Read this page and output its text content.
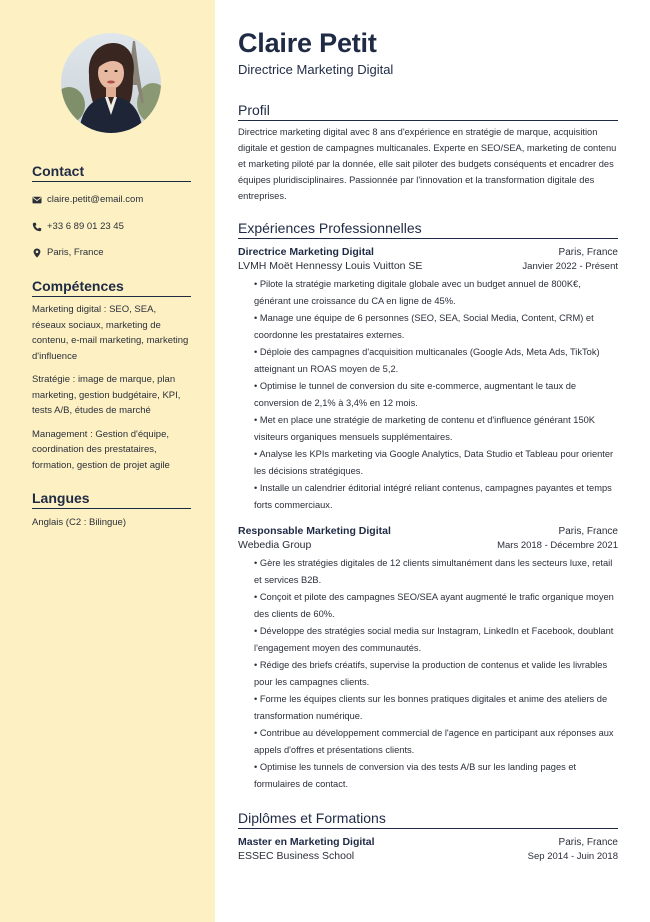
Contact
claire.petit@email.com
+33 6 89 01 23 45
Paris, France
Compétences
Marketing digital : SEO, SEA, réseaux sociaux, marketing de contenu, e-mail marketing, marketing d'influence
Stratégie : image de marque, plan marketing, gestion budgétaire, KPI, tests A/B, études de marché
Management : Gestion d'équipe, coordination des prestataires, formation, gestion de projet agile
Langues
Anglais (C2 : Bilingue)
Claire Petit
Directrice Marketing Digital
Profil
Directrice marketing digital avec 8 ans d'expérience en stratégie de marque, acquisition digitale et gestion de campagnes multicanales. Experte en SEO/SEA, marketing de contenu et marketing piloté par la donnée, elle sait piloter des budgets conséquents et encadrer des équipes pluridisciplinaires. Passionnée par l'innovation et la transformation digitale des entreprises.
Expériences Professionnelles
Directrice Marketing Digital	Paris, France
LVMH Moët Hennessy Louis Vuitton SE	Janvier 2022 - Présent
• Pilote la stratégie marketing digitale globale avec un budget annuel de 800K€, générant une croissance du CA en ligne de 45%.
• Manage une équipe de 6 personnes (SEO, SEA, Social Media, Content, CRM) et coordonne les prestataires externes.
• Déploie des campagnes d'acquisition multicanales (Google Ads, Meta Ads, TikTok) atteignant un ROAS moyen de 5,2.
• Optimise le tunnel de conversion du site e-commerce, augmentant le taux de conversion de 2,1% à 3,4% en 12 mois.
• Met en place une stratégie de marketing de contenu et d'influence générant 150K visiteurs organiques mensuels supplémentaires.
• Analyse les KPIs marketing via Google Analytics, Data Studio et Tableau pour orienter les décisions stratégiques.
• Installe un calendrier éditorial intégré reliant contenus, campagnes payantes et temps forts commerciaux.
Responsable Marketing Digital	Paris, France
Webedia Group	Mars 2018 - Décembre 2021
• Gère les stratégies digitales de 12 clients simultanément dans les secteurs luxe, retail et services B2B.
• Conçoit et pilote des campagnes SEO/SEA ayant augmenté le trafic organique moyen des clients de 60%.
• Développe des stratégies social media sur Instagram, LinkedIn et Facebook, doublant l'engagement moyen des communautés.
• Rédige des briefs créatifs, supervise la production de contenus et valide les livrables pour les campagnes clients.
• Forme les équipes clients sur les bonnes pratiques digitales et anime des ateliers de transformation numérique.
• Contribue au développement commercial de l'agence en participant aux réponses aux appels d'offres et présentations clients.
• Optimise les tunnels de conversion via des tests A/B sur les landing pages et formulaires de contact.
Diplômes et Formations
Master en Marketing Digital	Paris, France
ESSEC Business School	Sep 2014 - Juin 2018
